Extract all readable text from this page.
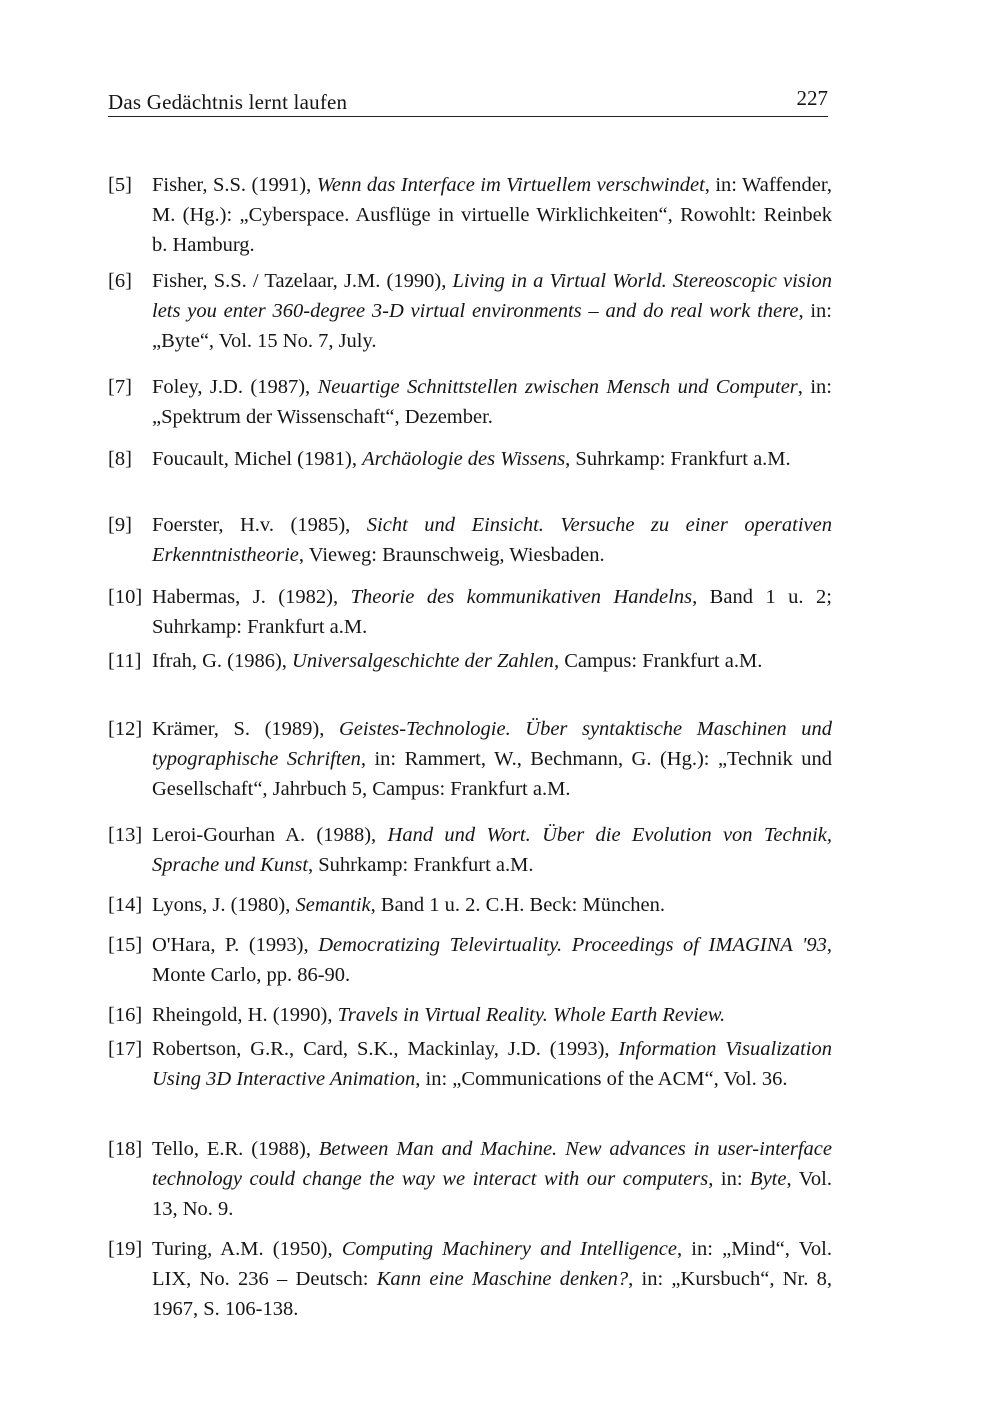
Das Gedächtnis lernt laufen	227
[5] Fisher, S.S. (1991), Wenn das Interface im Virtuellem verschwindet, in: Waffender, M. (Hg.): „Cyberspace. Ausflüge in virtuelle Wirklichkeiten“, Rowohlt: Reinbek b. Hamburg.
[6] Fisher, S.S. / Tazelaar, J.M. (1990), Living in a Virtual World. Stereoscopic vision lets you enter 360-degree 3-D virtual environments – and do real work there, in: „Byte“, Vol. 15 No. 7, July.
[7] Foley, J.D. (1987), Neuartige Schnittstellen zwischen Mensch und Computer, in: „Spektrum der Wissenschaft“, Dezember.
[8] Foucault, Michel (1981), Archäologie des Wissens, Suhrkamp: Frankfurt a.M.
[9] Foerster, H.v. (1985), Sicht und Einsicht. Versuche zu einer operativen Erkenntnistheorie, Vieweg: Braunschweig, Wiesbaden.
[10] Habermas, J. (1982), Theorie des kommunikativen Handelns, Band 1 u. 2; Suhrkamp: Frankfurt a.M.
[11] Ifrah, G. (1986), Universalgeschichte der Zahlen, Campus: Frankfurt a.M.
[12] Krämer, S. (1989), Geistes-Technologie. Über syntaktische Maschinen und typographische Schriften, in: Rammert, W., Bechmann, G. (Hg.): „Technik und Gesellschaft“, Jahrbuch 5, Campus: Frankfurt a.M.
[13] Leroi-Gourhan A. (1988), Hand und Wort. Über die Evolution von Technik, Sprache und Kunst, Suhrkamp: Frankfurt a.M.
[14] Lyons, J. (1980), Semantik, Band 1 u. 2. C.H. Beck: München.
[15] O'Hara, P. (1993), Democratizing Televirtuality. Proceedings of IMAGINA '93, Monte Carlo, pp. 86-90.
[16] Rheingold, H. (1990), Travels in Virtual Reality. Whole Earth Review.
[17] Robertson, G.R., Card, S.K., Mackinlay, J.D. (1993), Information Visualization Using 3D Interactive Animation, in: „Communications of the ACM“, Vol. 36.
[18] Tello, E.R. (1988), Between Man and Machine. New advances in user-interface technology could change the way we interact with our computers, in: Byte, Vol. 13, No. 9.
[19] Turing, A.M. (1950), Computing Machinery and Intelligence, in: „Mind“, Vol. LIX, No. 236 – Deutsch: Kann eine Maschine denken?, in: „Kursbuch“, Nr. 8, 1967, S. 106-138.
